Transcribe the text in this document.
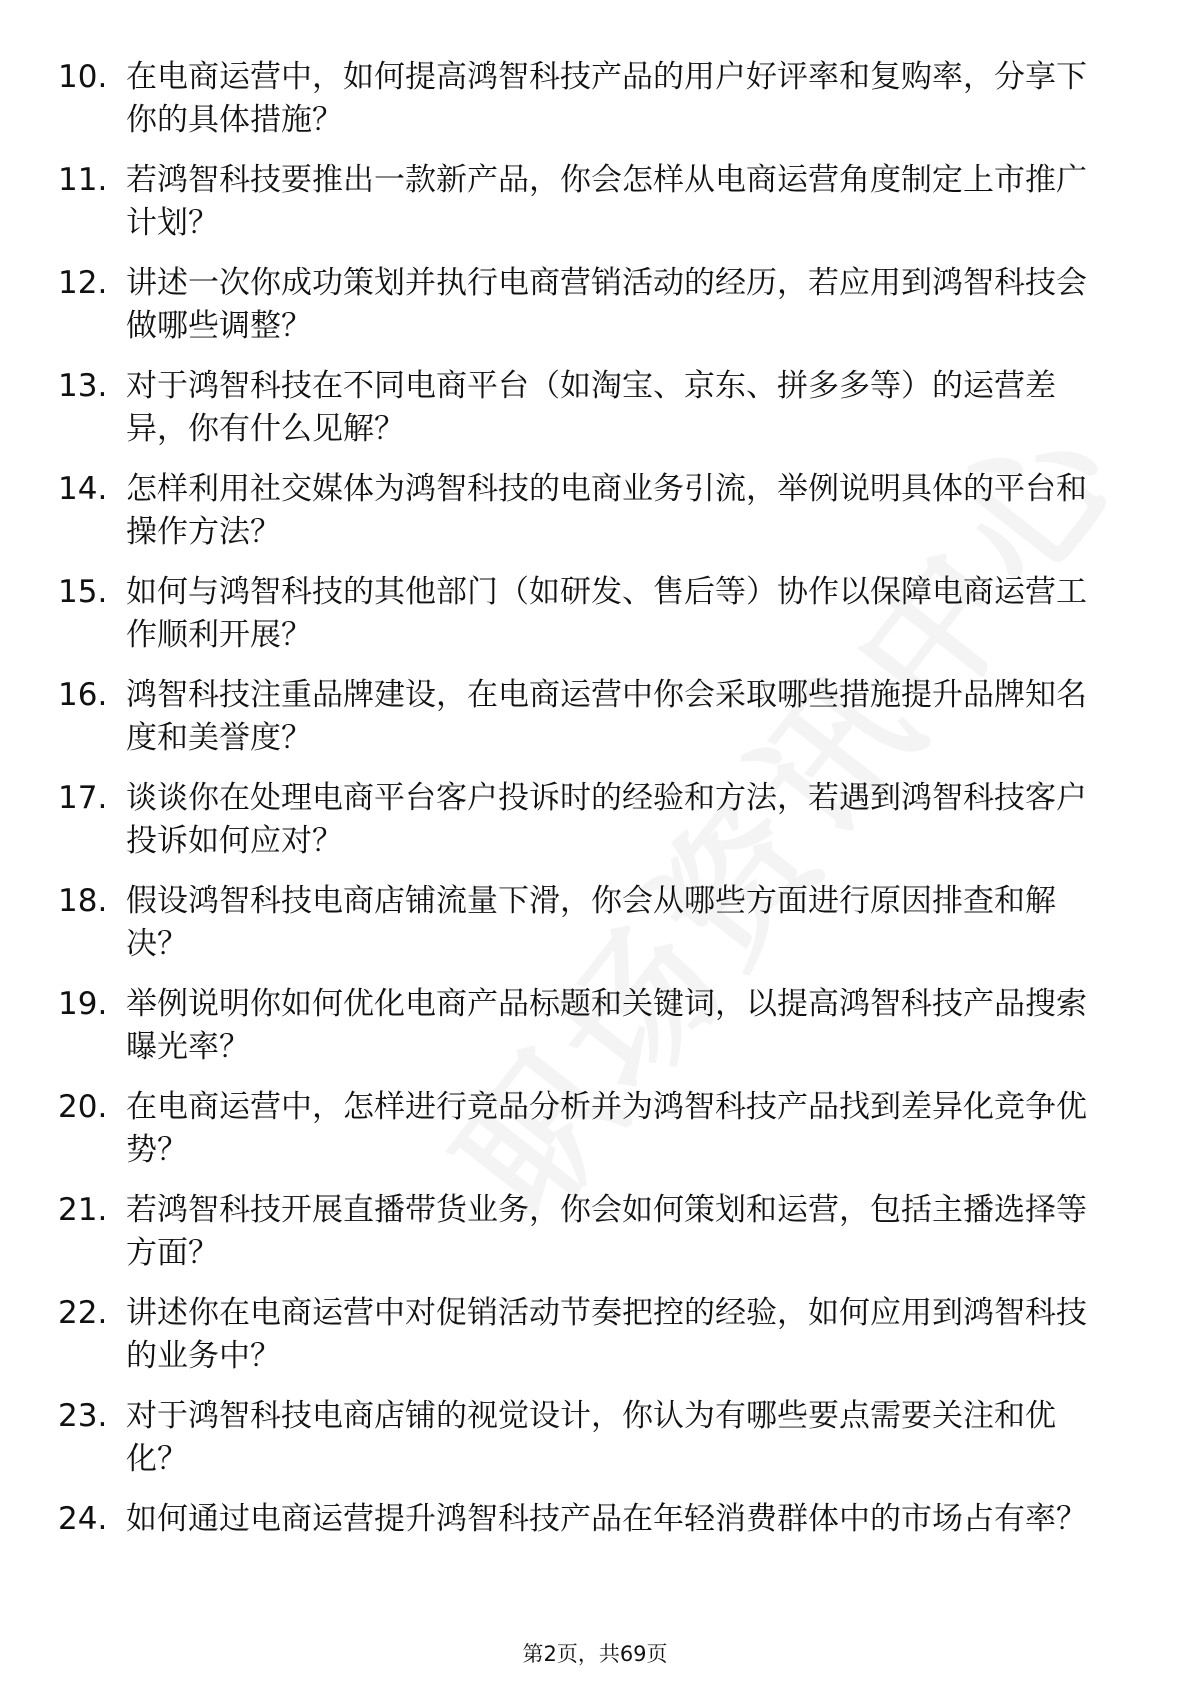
10. 在电商运营中，如何提高鸿智科技产品的用户好评率和复购率，分享下你的具体措施？
11. 若鸿智科技要推出一款新产品，你会怎样从电商运营角度制定上市推广计划？
12. 讲述一次你成功策划并执行电商营销活动的经历，若应用到鸿智科技会做哪些调整？
13. 对于鸿智科技在不同电商平台（如淘宝、京东、拼多多等）的运营差异，你有什么见解？
14. 怎样利用社交媒体为鸿智科技的电商业务引流，举例说明具体的平台和操作方法？
15. 如何与鸿智科技的其他部门（如研发、售后等）协作以保障电商运营工作顺利开展？
16. 鸿智科技注重品牌建设，在电商运营中你会采取哪些措施提升品牌知名度和美誉度？
17. 谈谈你在处理电商平台客户投诉时的经验和方法，若遇到鸿智科技客户投诉如何应对？
18. 假设鸿智科技电商店铺流量下滑，你会从哪些方面进行原因排查和解决？
19. 举例说明你如何优化电商产品标题和关键词，以提高鸿智科技产品搜索曝光率？
20. 在电商运营中，怎样进行竞品分析并为鸿智科技产品找到差异化竞争优势？
21. 若鸿智科技开展直播带货业务，你会如何策划和运营，包括主播选择等方面？
22. 讲述你在电商运营中对促销活动节奏把控的经验，如何应用到鸿智科技的业务中？
23. 对于鸿智科技电商店铺的视觉设计，你认为有哪些要点需要关注和优化？
24. 如何通过电商运营提升鸿智科技产品在年轻消费群体中的市场占有率？
第2页，共69页
